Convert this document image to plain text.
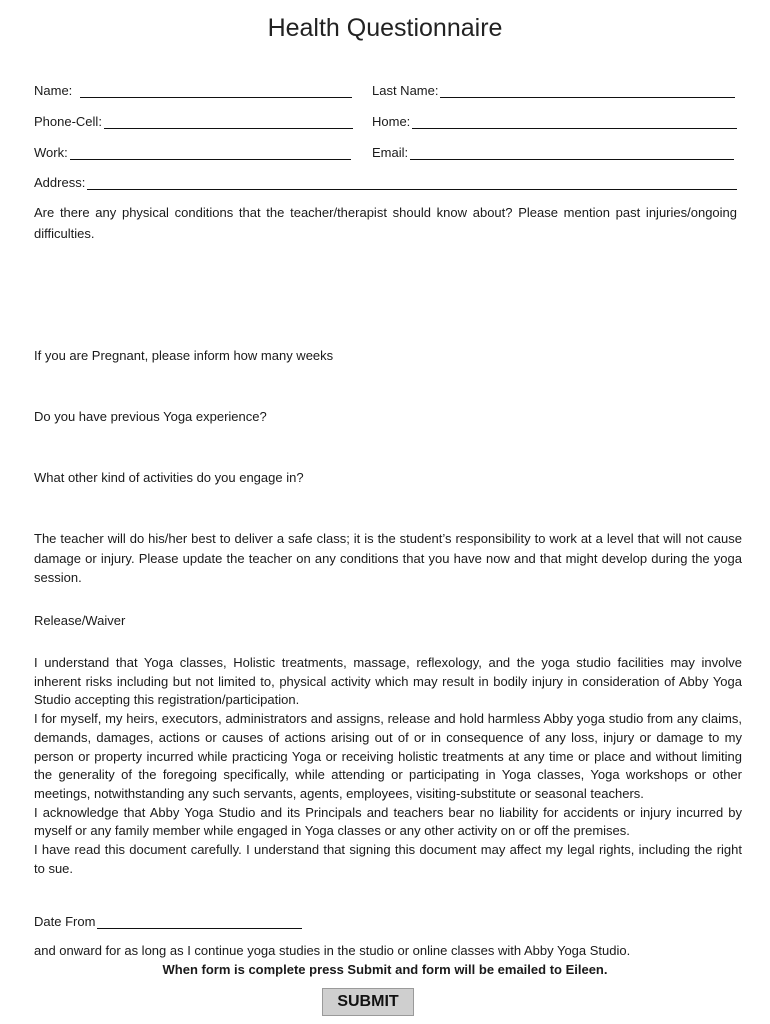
Health Questionnaire
Name:	Last Name:
Phone-Cell:	Home:
Work:	Email:
Address:
Are there any physical conditions that the teacher/therapist should know about? Please mention past injuries/ongoing difficulties.
If you are Pregnant, please inform how many weeks
Do you have previous Yoga experience?
What other kind of activities do you engage in?

The teacher will do his/her best to deliver a safe class; it is the student’s responsibility to work at a level that will not cause damage or injury. Please update the teacher on any conditions that you have now and that might develop during the yoga session.

Release/Waiver

I understand that Yoga classes, Holistic treatments, massage, reflexology, and the yoga studio facilities may involve inherent risks including but not limited to, physical activity which may result in bodily injury in consideration of Abby Yoga Studio accepting this registration/participation.

I for myself, my heirs, executors, administrators and assigns, release and hold harmless Abby yoga studio from any claims, demands, damages, actions or causes of actions arising out of or in consequence of any loss, injury or damage to my person or property incurred while practicing Yoga or receiving holistic treatments at any time or place and without limiting the generality of the foregoing specifically, while attending or participating in Yoga classes, Yoga workshops or other meetings, notwithstanding any such servants, agents, employees, visiting-substitute or seasonal teachers.

I acknowledge that Abby Yoga Studio and its Principals and teachers bear no liability for accidents or injury incurred by myself or any family member while engaged in Yoga classes or any other activity on or off the premises.

I have read this document carefully. I understand that signing this document may affect my legal rights, including the right to sue.

Date From
and onward for as long as I continue yoga studies in the studio or online classes with Abby Yoga Studio.
When form is complete press Submit and form will be emailed to Eileen.
SUBMIT
